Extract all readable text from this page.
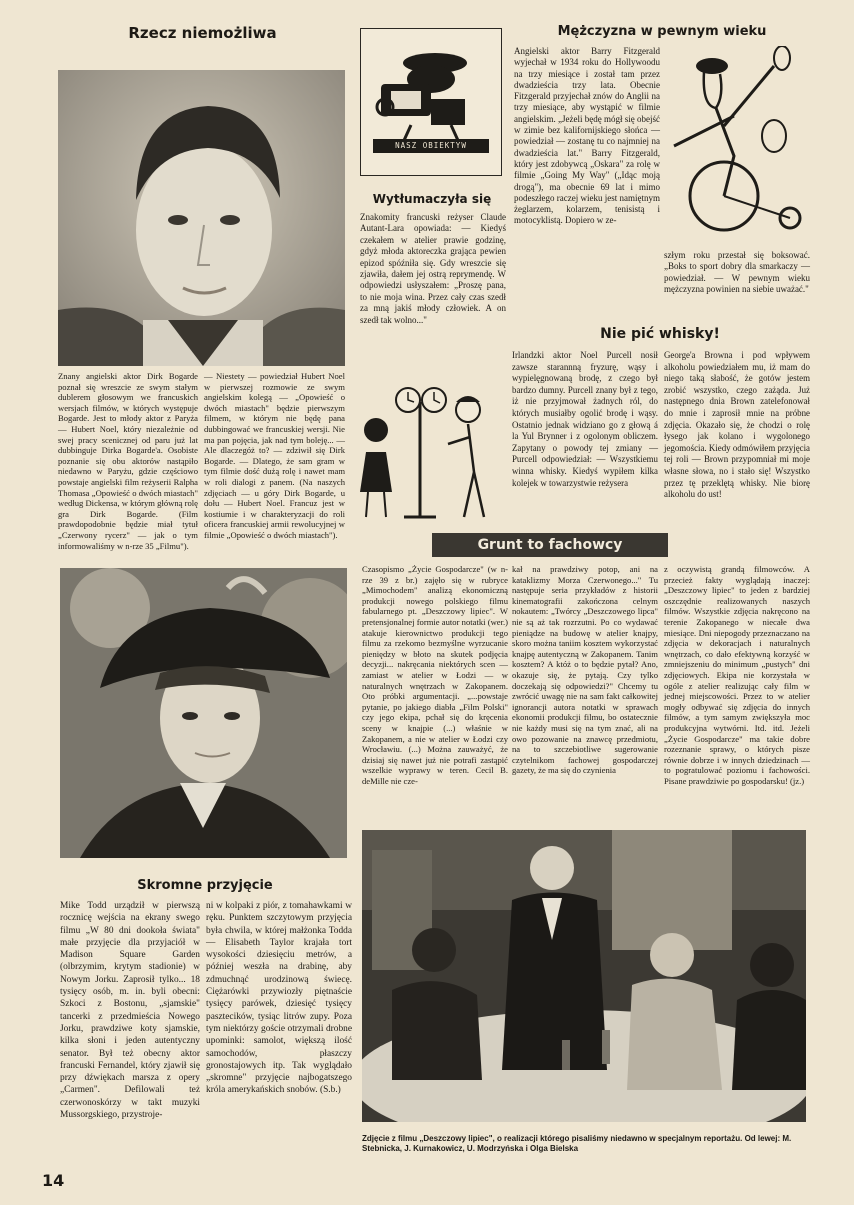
Rzecz niemożliwa
Znany angielski aktor Dirk Bogarde poznał się wreszcie ze swym stałym dublerem głosowym we francuskich wersjach filmów, w których występuje Bogarde. Jest to młody aktor z Paryża — Hubert Noel, który niezależnie od swej pracy scenicznej od paru już lat dubbinguje Dirka Bogarde'a. Osobiste poznanie się obu aktorów nastąpiło niedawno w Paryżu, gdzie częściowo powstaje angielski film reżyserii Ralpha Thomasa „Opowieść o dwóch miastach" według Dickensa, w którym główną rolę gra Dirk Bogarde. (Film prawdopodobnie będzie miał tytuł „Czerwony rycerz" — jak o tym informowaliśmy w n-rze 35 „Filmu").
— Niestety — powiedział Hubert Noel w pierwszej rozmowie ze swym angielskim kolegą — „Opowieść o dwóch miastach" będzie pierwszym filmem, w którym nie będę pana dubbingować we francuskiej wersji. Nie ma pan pojęcia, jak nad tym boleję... — Ale dlaczegóż to? — zdziwił się Dirk Bogarde. — Dlatego, że sam gram w tym filmie dość dużą rolę i nawet mam w roli dialogi z panem. (Na naszych zdjęciach — u góry Dirk Bogarde, u dołu — Hubert Noel. Francuz jest w kostiumie i w charakteryzacji do roli oficera francuskiej armii rewolucyjnej w filmie „Opowieść o dwóch miastach").
NASZ OBIEKTYW
Wytłumaczyła się
Znakomity francuski reżyser Claude Autant-Lara opowiada: — Kiedyś czekałem w atelier prawie godzinę, gdyż młoda aktoreczka grająca pewien epizod spóźniła się. Gdy wreszcie się zjawiła, dałem jej ostrą reprymendę. W odpowiedzi usłyszałem: „Proszę pana, to nie moja wina. Przez cały czas szedł za mną jakiś młody człowiek. A on szedł tak wolno..."
Mężczyzna w pewnym wieku
Angielski aktor Barry Fitzgerald wyjechał w 1934 roku do Hollywoodu na trzy miesiące i został tam przez dwadzieścia trzy lata. Obecnie Fitzgerald przyjechał znów do Anglii na trzy miesiące, aby wystąpić w filmie angielskim. „Jeżeli będę mógł się obejść w zimie bez kalifornijskiego słońca — powiedział — zostanę tu co najmniej na dwadzieścia lat." Barry Fitzgerald, który jest zdobywcą „Oskara" za rolę w filmie „Going My Way" („Idąc moją drogą"), ma obecnie 69 lat i mimo podeszłego raczej wieku jest namiętnym żeglarzem, kolarzem, tenisistą i motocyklistą. Dopiero w ze-
szłym roku przestał się boksować. „Boks to sport dobry dla smarkaczy — powiedział. — W pewnym wieku mężczyzna powinien na siebie uważać."
Nie pić whisky!
Irlandzki aktor Noel Purcell nosił zawsze starannną fryzurę, wąsy i wypielęgnowaną brodę, z czego był bardzo dumny. Purcell znany był z tego, iż nie przyjmował żadnych ról, do których musiałby ogolić brodę i wąsy. Ostatnio jednak widziano go z głową á la Yul Brynner i z ogolonym obliczem. Zapytany o powody tej zmiany — Purcell odpowiedział: — Wszystkiemu winna whisky. Kiedyś wypiłem kilka kolejek w towarzystwie reżysera
George'a Browna i pod wpływem alkoholu powiedziałem mu, iż mam do niego taką słabość, że gotów jestem zrobić wszystko, czego zażąda. Już następnego dnia Brown zatelefonował do mnie i zaprosił mnie na próbne zdjęcia. Okazało się, że chodzi o rolę łysego jak kolano i wygolonego jegomościa. Kiedy odmówiłem przyjęcia tej roli — Brown przypomniał mi moje własne słowa, no i stało się! Wszystko przez tę przeklętą whisky. Nie biorę alkoholu do ust!
Grunt to fachowcy
Czasopismo „Życie Gospodarcze" (w n-rze 39 z br.) zajęło się w rubryce „Mimochodem" analizą ekonomiczną produkcji nowego polskiego filmu fabularnego pt. „Deszczowy lipiec". W pretensjonalnej formie autor notatki (wer.) atakuje kierownictwo produkcji tego filmu za rzekomo bezmyślne wyrzucanie pieniędzy w błoto na skutek podjęcia decyzji... nakręcania niektórych scen — zamiast w atelier w Łodzi — w naturalnych wnętrzach w Zakopanem. Oto próbki argumentacji. „...powstaje pytanie, po jakiego diabła „Film Polski" czy jego ekipa, pchał się do kręcenia sceny w knajpie (...) właśnie w Zakopanem, a nie w atelier w Łodzi czy Wrocławiu. (...) Można zauważyć, że dzisiaj się nawet już nie potrafi zastąpić wszelkie wyprawy w teren. Cecil B. deMille nie cze-
kał na prawdziwy potop, ani na kataklizmy Morza Czerwonego..." Tu następuje seria przykładów z historii kinematografii zakończona celnym nokautem: „Twórcy „Deszczowego lipca" nie są aż tak rozrzutni. Po co wydawać pieniądze na budowę w atelier knajpy, skoro można taniim kosztem wykorzystać knajpę autentyczną w Zakopanem. Tanim kosztem? A któż o to będzie pytał? Ano, okazuje się, że pytają. Czy tylko doczekają się odpowiedzi?" Chcemy tu zwrócić uwagę nie na sam fakt całkowitej ignorancji autora notatki w sprawach ekonomii produkcji filmu, bo ostatecznie nie każdy musi się na tym znać, ali na owo pozowanie na znawcę przedmiotu, na to szczebiotliwe sugerowanie czytelnikom fachowej gospodarczej gazety, że ma się do czynienia
z oczywistą grandą filmowców. A przecież fakty wyglądają inaczej: „Deszczowy lipiec" to jeden z bardziej oszczędnie realizowanych naszych filmów. Wszystkie zdjęcia nakręcono na terenie Zakopanego w niecałe dwa miesiące. Dni niepogody przeznaczano na zdjęcia w dekoracjach i naturalnych wnętrzach, co dało efektywną korzyść w zmniejszeniu do minimum „pustych" dni zdjęciowych. Ekipa nie korzystała w ogóle z atelier realizując cały film w jednej miejscowości. Przez to w atelier mogły odbywać się zdjęcia do innych filmów, a tym samym zwiększyła moc produkcyjna wytwórni. Itd. itd. Jeżeli „Życie Gospodarcze" ma takie dobre rozeznanie sprawy, o których pisze równie dobrze i w innych dziedzinach — to pogratulować poziomu i fachowości. Pisane prawdziwie po gospodarsku! (jz.)
Skromne przyjęcie
Mike Todd urządził w pierwszą rocznicę wejścia na ekrany swego filmu „W 80 dni dookoła świata" małe przyjęcie dla przyjaciół w Madison Square Garden (olbrzymim, krytym stadionie) w Nowym Jorku. Zaprosił tylko... 18 tysięcy osób, m. in. byli obecni: Szkoci z Bostonu, „sjamskie" tancerki z przedmieścia Nowego Jorku, prawdziwe koty sjamskie, kilka słoni i jeden autentyczny senator. Był też obecny aktor francuski Fernandel, który zjawił się przy dźwiękach marsza z opery „Carmen". Defilowali też czerwonoskórzy w takt muzyki Mussorgskiego, przystroje-
ni w kolpaki z piór, z tomahawkami w ręku. Punktem szczytowym przyjęcia była chwila, w której małżonka Todda — Elisabeth Taylor krajała tort wysokości dziesięciu metrów, a później weszła na drabinę, aby zdmuchnąć urodzinową świecę. Ciężarówki przywiozły piętnaście tysięcy parówek, dziesięć tysięcy pasztecików, tysiąc litrów zupy. Poza tym niektórzy goście otrzymali drobne upominki: samolot, większą ilość samochodów, płaszczy gronostajowych itp. Tak wyglądało „skromne" przyjęcie najbogatszego króla amerykańskich snobów. (S.b.)
Zdjęcie z filmu „Deszczowy lipiec", o realizacji którego pisaliśmy niedawno w specjalnym reportażu. Od lewej: M. Stebnicka, J. Kurnakowicz, U. Modrzyńska i Olga Bielska
14
